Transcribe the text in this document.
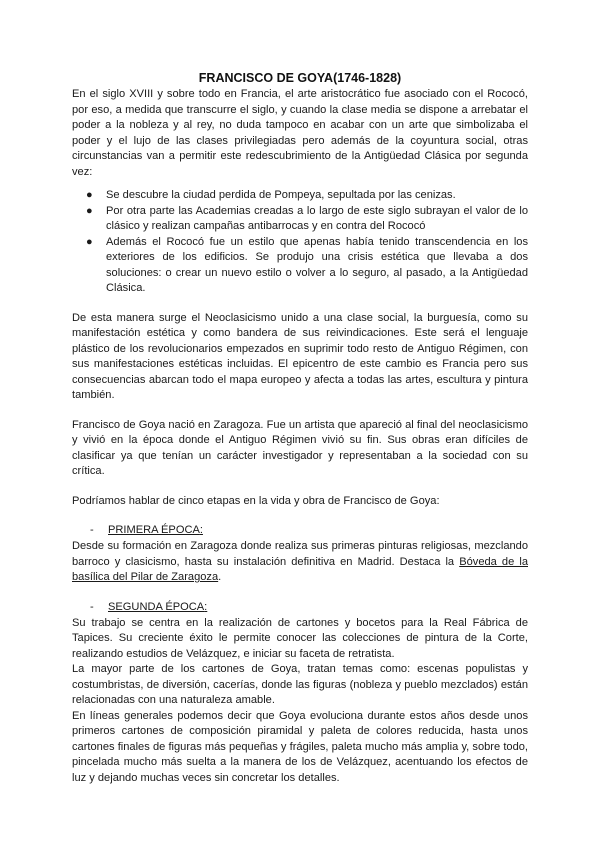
FRANCISCO DE GOYA(1746-1828)

En el siglo XVIII y sobre todo en Francia, el arte aristocrático fue asociado con el Rococó, por eso, a medida que transcurre el siglo, y cuando la clase media se dispone a arrebatar el poder a la nobleza y al rey, no duda tampoco en acabar con un arte que simbolizaba el poder y el lujo de las clases privilegiadas pero además de la coyuntura social, otras circunstancias van a permitir este redescubrimiento de la Antigüedad Clásica por segunda vez:

● Se descubre la ciudad perdida de Pompeya, sepultada por las cenizas.
● Por otra parte las Academias creadas a lo largo de este siglo subrayan el valor de lo clásico y realizan campañas antibarrocas y en contra del Rococó
● Además el Rococó fue un estilo que apenas había tenido transcendencia en los exteriores de los edificios. Se produjo una crisis estética que llevaba a dos soluciones: o crear un nuevo estilo o volver a lo seguro, al pasado, a la Antigüedad Clásica.

De esta manera surge el Neoclasicismo unido a una clase social, la burguesía, como su manifestación estética y como bandera de sus reivindicaciones. Este será el lenguaje plástico de los revolucionarios empezados en suprimir todo resto de Antiguo Régimen, con sus manifestaciones estéticas incluidas. El epicentro de este cambio es Francia pero sus consecuencias abarcan todo el mapa europeo y afecta a todas las artes, escultura y pintura también.

Francisco de Goya nació en Zaragoza. Fue un artista que apareció al final del neoclasicismo y vivió en la época donde el Antiguo Régimen vivió su fin. Sus obras eran difíciles de clasificar ya que tenían un carácter investigador y representaban a la sociedad con su crítica.

Podríamos hablar de cinco etapas en la vida y obra de Francisco de Goya:

- PRIMERA ÉPOCA:

Desde su formación en Zaragoza donde realiza sus primeras pinturas religiosas, mezclando barroco y clasicismo, hasta su instalación definitiva en Madrid. Destaca la Bóveda de la basílica del Pilar de Zaragoza.

- SEGUNDA ÉPOCA:

Su trabajo se centra en la realización de cartones y bocetos para la Real Fábrica de Tapices. Su creciente éxito le permite conocer las colecciones de pintura de la Corte, realizando estudios de Velázquez, e iniciar su faceta de retratista.

La mayor parte de los cartones de Goya, tratan temas como: escenas populistas y costumbristas, de diversión, cacerías, donde las figuras (nobleza y pueblo mezclados) están relacionadas con una naturaleza amable.

En líneas generales podemos decir que Goya evoluciona durante estos años desde unos primeros cartones de composición piramidal y paleta de colores reducida, hasta unos cartones finales de figuras más pequeñas y frágiles, paleta mucho más amplia y, sobre todo, pincelada mucho más suelta a la manera de los de Velázquez, acentuando los efectos de luz y dejando muchas veces sin concretar los detalles.
